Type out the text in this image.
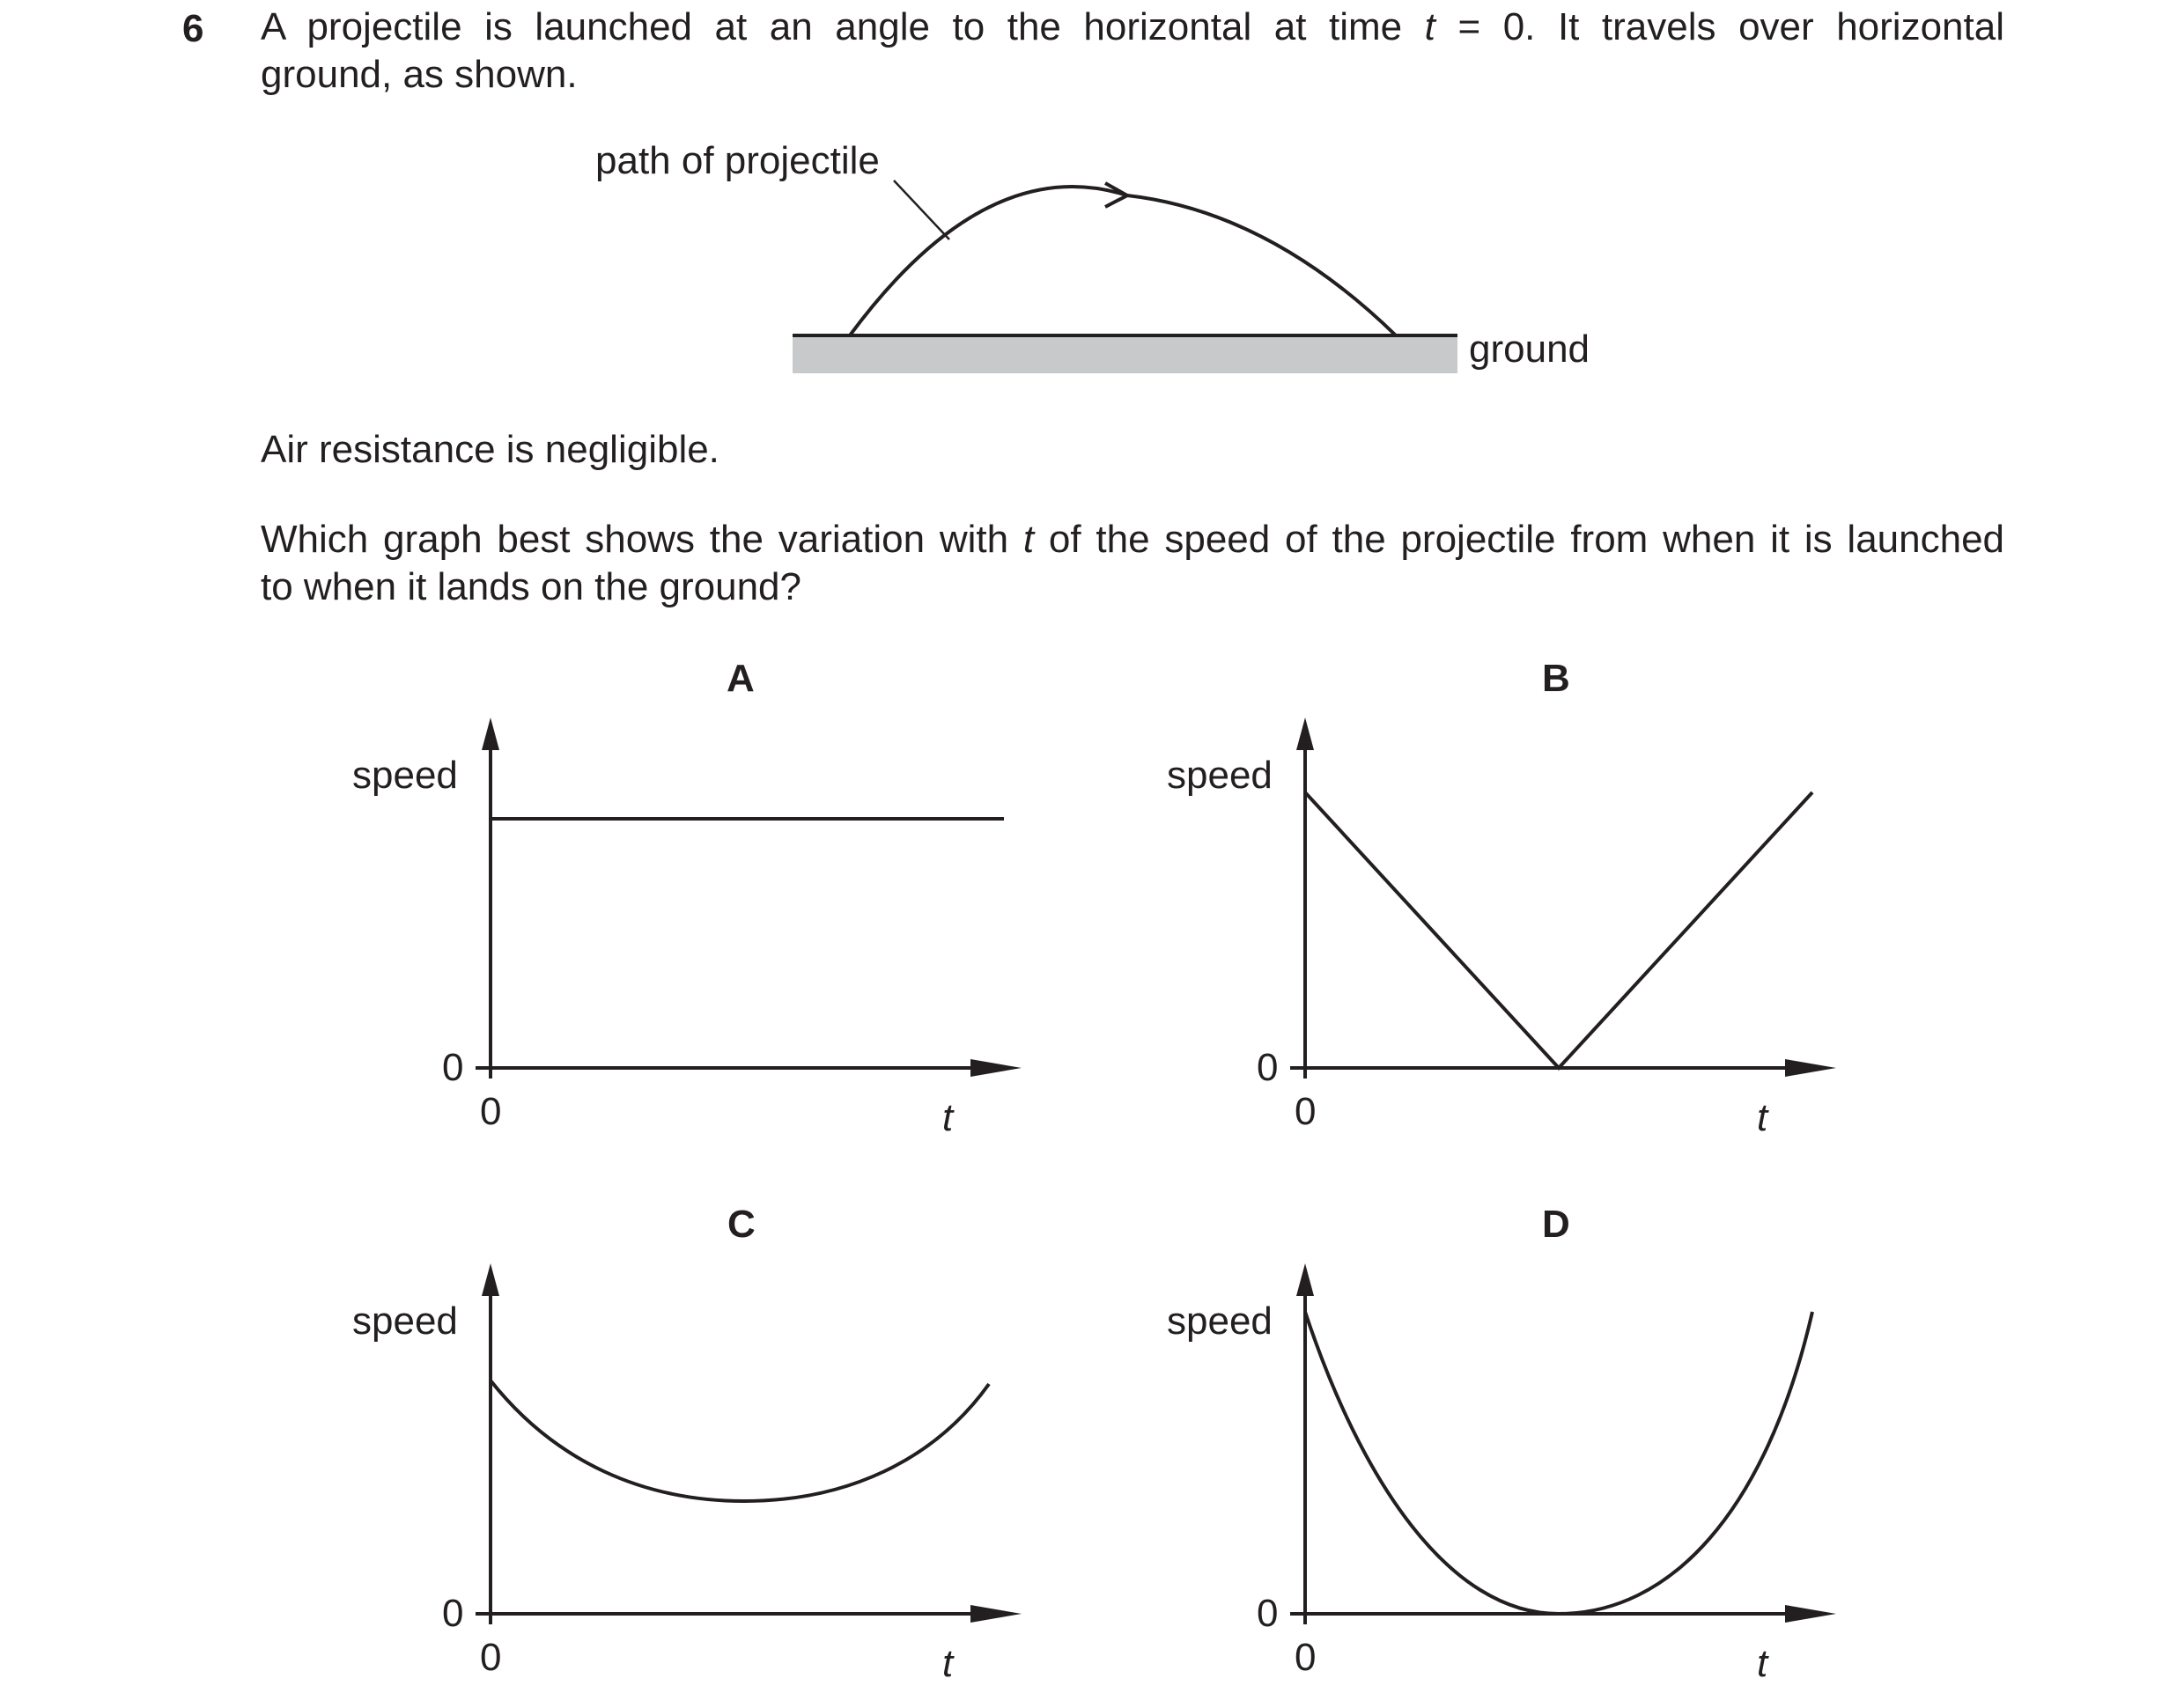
6 A projectile is launched at an angle to the horizontal at time t = 0. It travels over horizontal
ground, as shown.
path of projectile
ground
Air resistance is negligible.
Which graph best shows the variation with t of the speed of the projectile from when it is launched
to when it lands on the ground?
A
speed
0
0	t
B
speed
0
0	t
C
speed
0
0	t
D
speed
0
0	t
